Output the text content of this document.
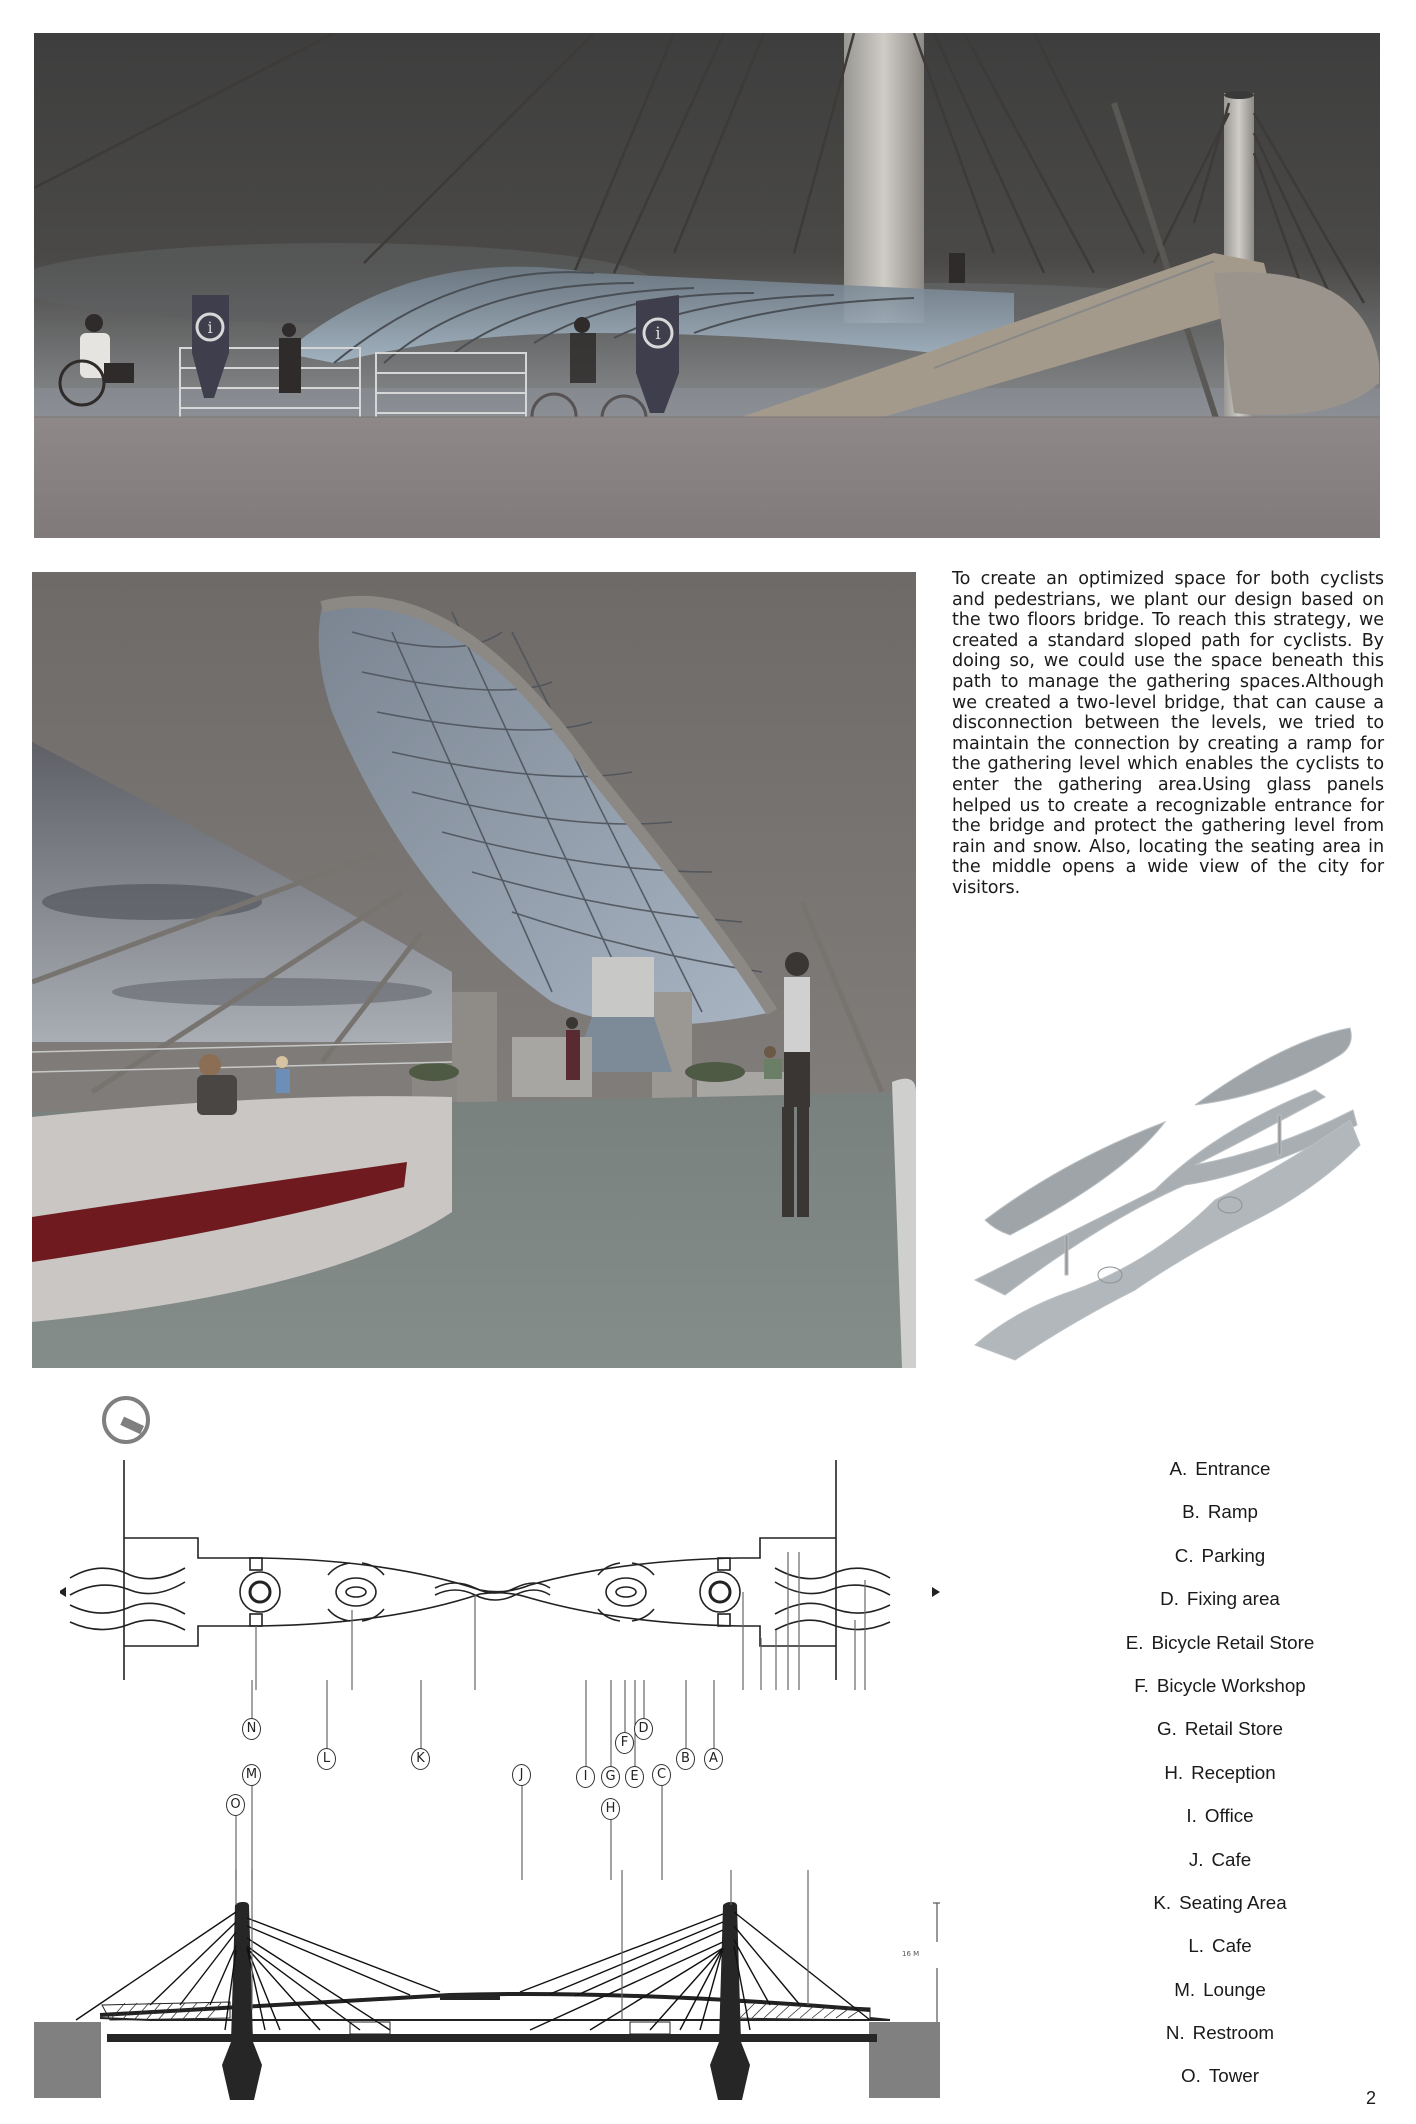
i	i

To create an optimized space for both cyclists and pedestrians, we plant our design based on the two floors bridge. To reach this strategy, we created a standard sloped path for cyclists. By doing so, we could use the space beneath this path to manage the gathering spaces.Although we created a two-level bridge, that can cause a disconnection between the levels, we tried to maintain the connection by creating a ramp for the gathering level which enables the cyclists to enter the gathering area.Using glass panels helped us to create a recognizable entrance for the bridge and protect the gathering level from rain and snow. Also, locating the seating area in the middle opens a wide view of the city for visitors.

N
L	K
F
D
B	A
M	J	I	G	E	C
O	H
16 M
A. Entrance
B. Ramp
C. Parking
D. Fixing area
E. Bicycle Retail Store
F. Bicycle Workshop
G. Retail Store
H. Reception
I. Office
J. Cafe
K. Seating Area
L. Cafe
M. Lounge
N. Restroom
O. Tower
2
